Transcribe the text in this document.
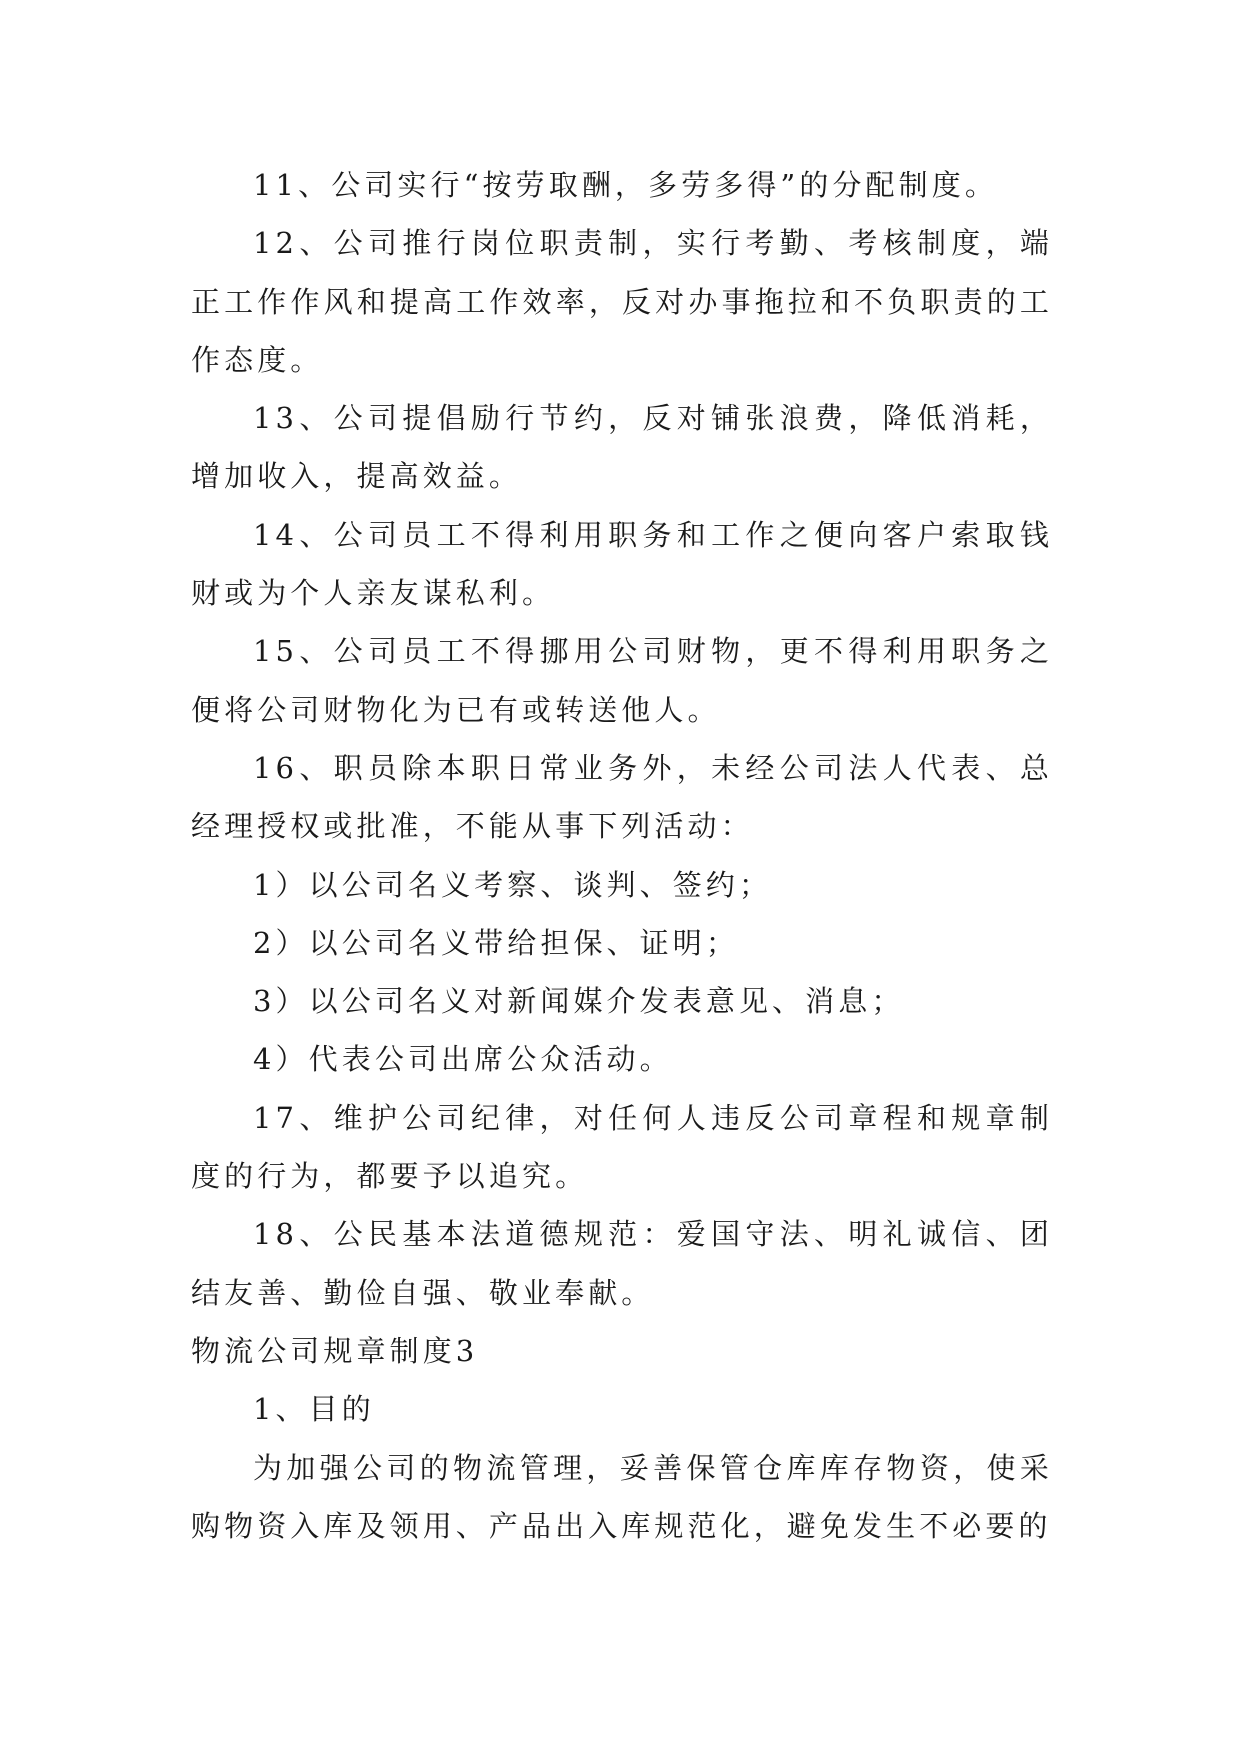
11、公司实行“按劳取酬，多劳多得”的分配制度。

12、公司推行岗位职责制，实行考勤、考核制度，端正工作作风和提高工作效率，反对办事拖拉和不负职责的工作态度。

13、公司提倡励行节约，反对铺张浪费，降低消耗，增加收入，提高效益。

14、公司员工不得利用职务和工作之便向客户索取钱财或为个人亲友谋私利。

15、公司员工不得挪用公司财物，更不得利用职务之便将公司财物化为已有或转送他人。

16、职员除本职日常业务外，未经公司法人代表、总经理授权或批准，不能从事下列活动：

1）以公司名义考察、谈判、签约；

2）以公司名义带给担保、证明；

3）以公司名义对新闻媒介发表意见、消息；

4）代表公司出席公众活动。

17、维护公司纪律，对任何人违反公司章程和规章制度的行为，都要予以追究。

18、公民基本法道德规范：爱国守法、明礼诚信、团结友善、勤俭自强、敬业奉献。

物流公司规章制度3

1、目的

为加强公司的物流管理，妥善保管仓库库存物资，使采购物资入库及领用、产品出入库规范化，避免发生不必要的
